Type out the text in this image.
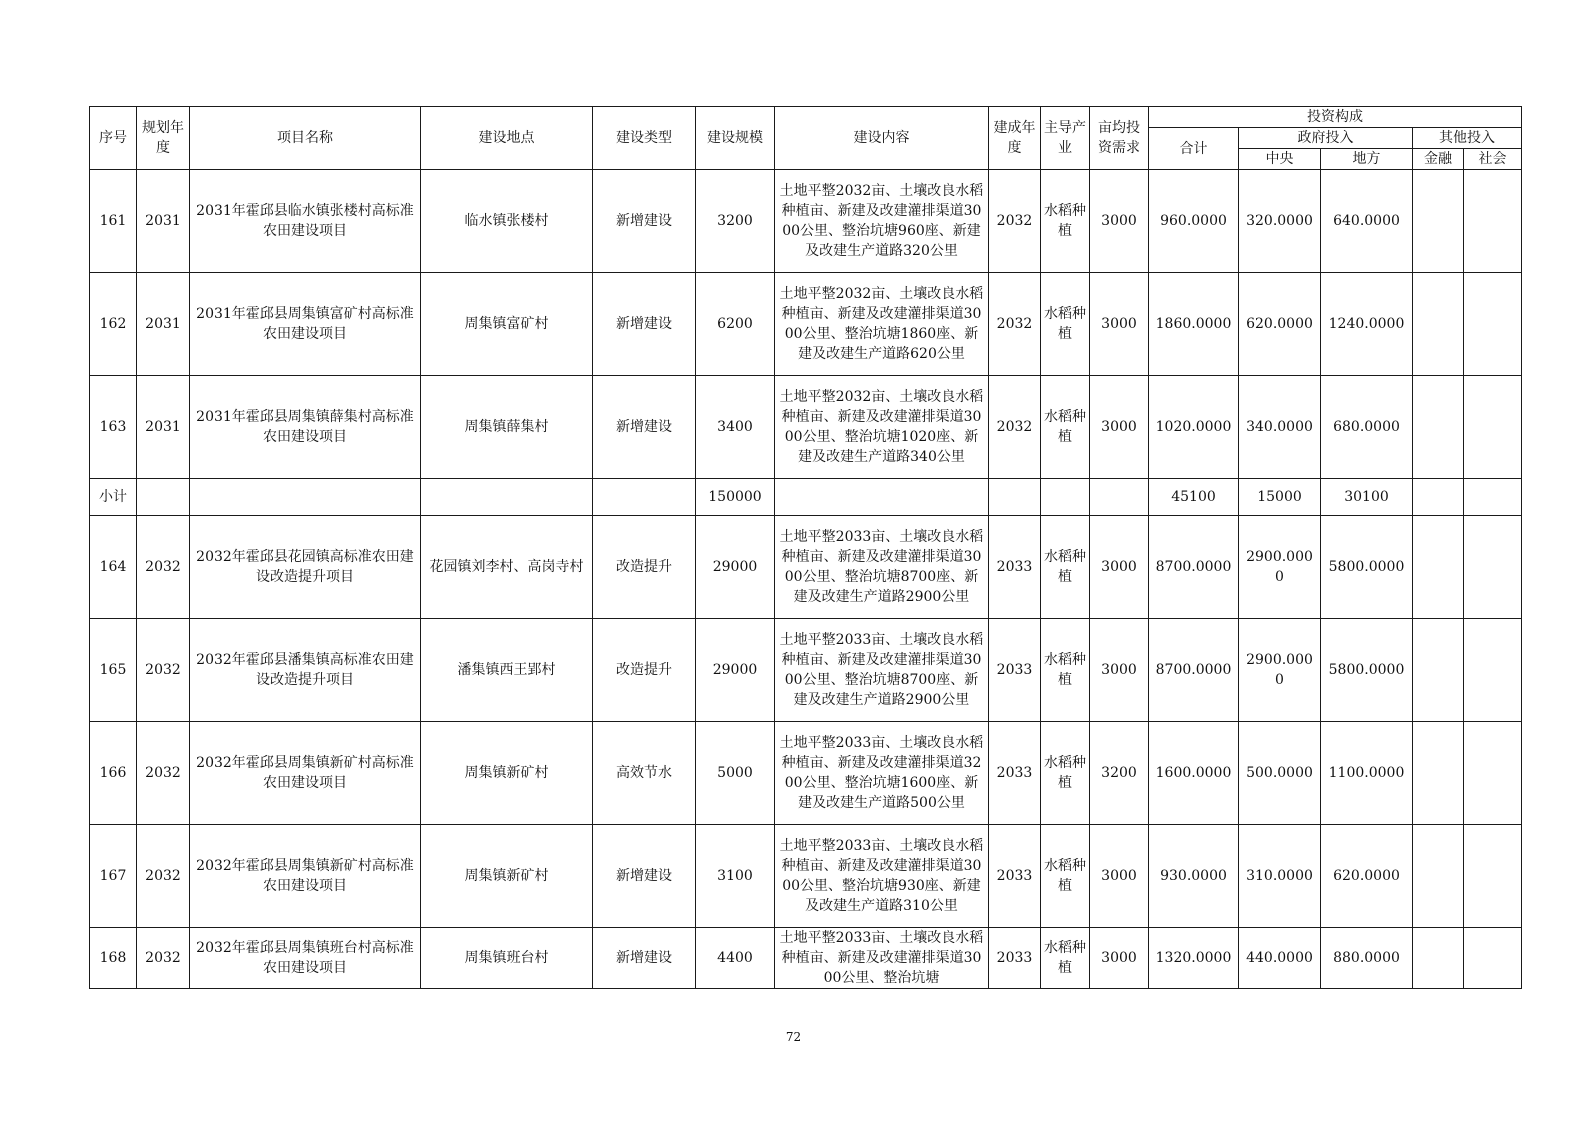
序号	规划年度	项目名称	建设地点	建设类型	建设规模	建设内容	建成年度	主导产业	亩均投资需求	投资构成				
										合计	政府投入		其他投入	
											中央	地方	金融	社会
161	2031	2031年霍邱县临水镇张楼村高标准农田建设项目	临水镇张楼村	新增建设	3200	土地平整2032亩、土壤改良水稻种植亩、新建及改建灌排渠道3000公里、整治坑塘960座、新建及改建生产道路320公里	2032	水稻种植	3000	960.0000	320.0000	640.0000		
162	2031	2031年霍邱县周集镇富矿村高标准农田建设项目	周集镇富矿村	新增建设	6200	土地平整2032亩、土壤改良水稻种植亩、新建及改建灌排渠道3000公里、整治坑塘1860座、新建及改建生产道路620公里	2032	水稻种植	3000	1860.0000	620.0000	1240.0000		
163	2031	2031年霍邱县周集镇薛集村高标准农田建设项目	周集镇薛集村	新增建设	3400	土地平整2032亩、土壤改良水稻种植亩、新建及改建灌排渠道3000公里、整治坑塘1020座、新建及改建生产道路340公里	2032	水稻种植	3000	1020.0000	340.0000	680.0000		
小计					150000					45100	15000	30100		
164	2032	2032年霍邱县花园镇高标准农田建设改造提升项目	花园镇刘李村、高岗寺村	改造提升	29000	土地平整2033亩、土壤改良水稻种植亩、新建及改建灌排渠道3000公里、整治坑塘8700座、新建及改建生产道路2900公里	2033	水稻种植	3000	8700.0000	2900.0000	5800.0000		
165	2032	2032年霍邱县潘集镇高标准农田建设改造提升项目	潘集镇西王郢村	改造提升	29000	土地平整2033亩、土壤改良水稻种植亩、新建及改建灌排渠道3000公里、整治坑塘8700座、新建及改建生产道路2900公里	2033	水稻种植	3000	8700.0000	2900.0000	5800.0000		
166	2032	2032年霍邱县周集镇新矿村高标准农田建设项目	周集镇新矿村	高效节水	5000	土地平整2033亩、土壤改良水稻种植亩、新建及改建灌排渠道3200公里、整治坑塘1600座、新建及改建生产道路500公里	2033	水稻种植	3200	1600.0000	500.0000	1100.0000		
167	2032	2032年霍邱县周集镇新矿村高标准农田建设项目	周集镇新矿村	新增建设	3100	土地平整2033亩、土壤改良水稻种植亩、新建及改建灌排渠道3000公里、整治坑塘930座、新建及改建生产道路310公里	2033	水稻种植	3000	930.0000	310.0000	620.0000		
168	2032	2032年霍邱县周集镇班台村高标准农田建设项目	周集镇班台村	新增建设	4400	土地平整2033亩、土壤改良水稻种植亩、新建及改建灌排渠道3000公里、整治坑塘	2033	水稻种植	3000	1320.0000	440.0000	880.0000		
72
